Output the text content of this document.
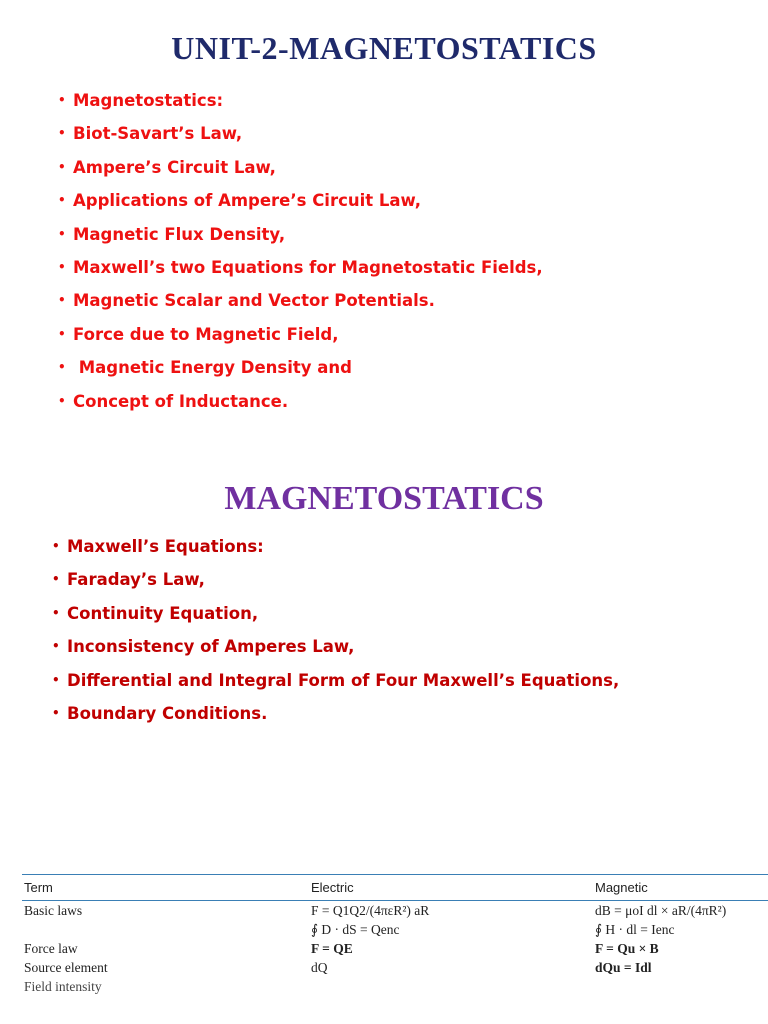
UNIT-2-MAGNETOSTATICS
• Magnetostatics:
• Biot-Savart’s Law,
• Ampere’s Circuit Law,
• Applications of Ampere’s Circuit Law,
• Magnetic Flux Density,
• Maxwell’s two Equations for Magnetostatic Fields,
• Magnetic Scalar and Vector Potentials.
• Force due to Magnetic Field,
• Magnetic Energy Density and
• Concept of Inductance.
MAGNETOSTATICS
• Maxwell’s Equations:
• Faraday’s Law,
• Continuity Equation,
• Inconsistency of Amperes Law,
• Differential and Integral Form of Four Maxwell’s Equations,
• Boundary Conditions.
Term	Electric	Magnetic
Basic laws	F = Q1Q2/(4πεR²) aR	dB = μoI dl × aR/(4πR²)
	∮ D · dS = Qenc	∮ H · dl = Ienc
Force law	F = QE	F = Qu × B
Source element	dQ	dQu = Idl
Field intensity		
